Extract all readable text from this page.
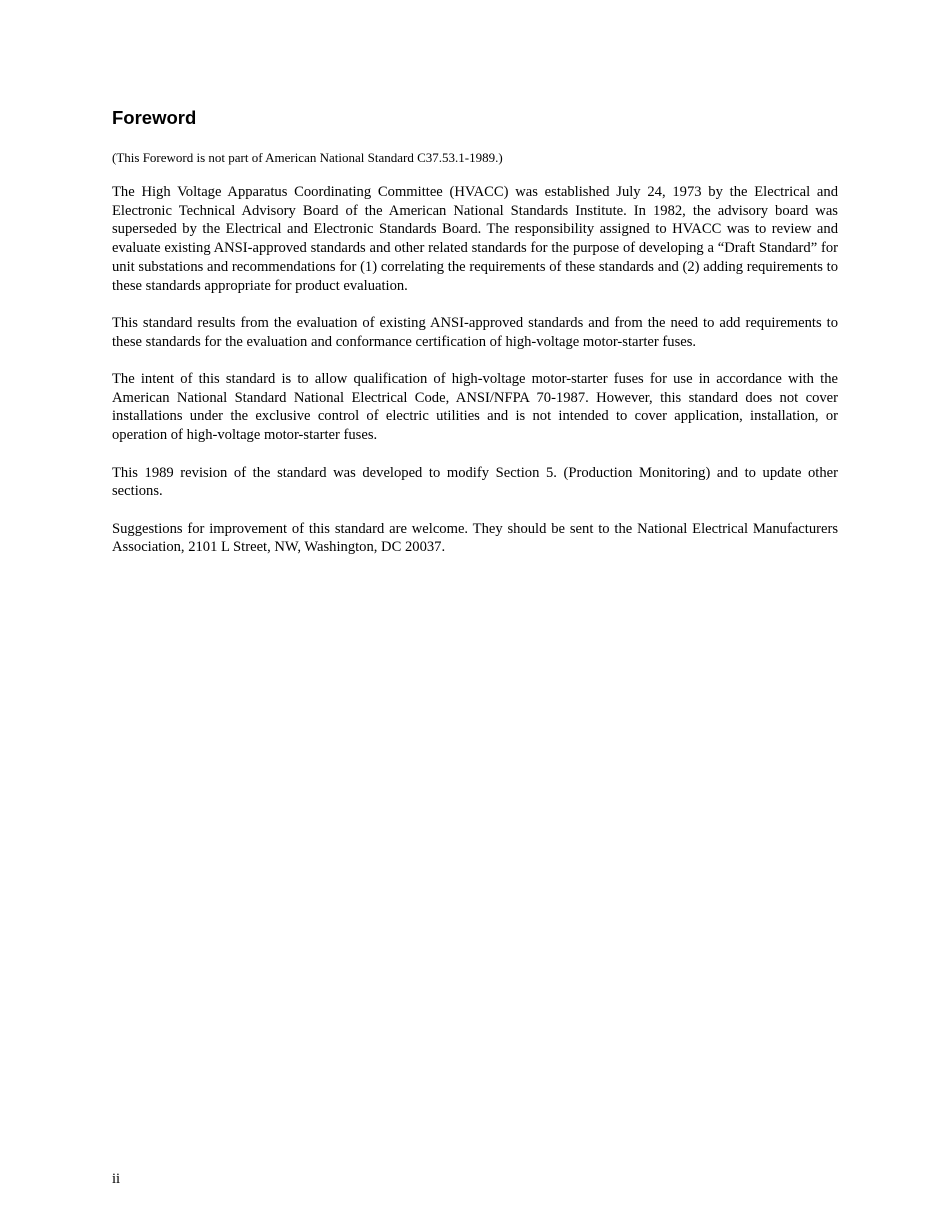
Foreword

(This Foreword is not part of American National Standard C37.53.1-1989.)

The High Voltage Apparatus Coordinating Committee (HVACC) was established July 24, 1973 by the Electrical and Electronic Technical Advisory Board of the American National Standards Institute. In 1982, the advisory board was superseded by the Electrical and Electronic Standards Board. The responsibility assigned to HVACC was to review and evaluate existing ANSI-approved standards and other related standards for the purpose of developing a “Draft Standard” for unit substations and recommendations for (1) correlating the requirements of these standards and (2) adding requirements to these standards appropriate for product evaluation.

This standard results from the evaluation of existing ANSI-approved standards and from the need to add requirements to these standards for the evaluation and conformance certification of high-voltage motor-starter fuses.

The intent of this standard is to allow qualification of high-voltage motor-starter fuses for use in accordance with the American National Standard National Electrical Code, ANSI/NFPA 70-1987. However, this standard does not cover installations under the exclusive control of electric utilities and is not intended to cover application, installation, or operation of high-voltage motor-starter fuses.

This 1989 revision of the standard was developed to modify Section 5. (Production Monitoring) and to update other sections.

Suggestions for improvement of this standard are welcome. They should be sent to the National Electrical Manufacturers Association, 2101 L Street, NW, Washington, DC 20037.

ii
